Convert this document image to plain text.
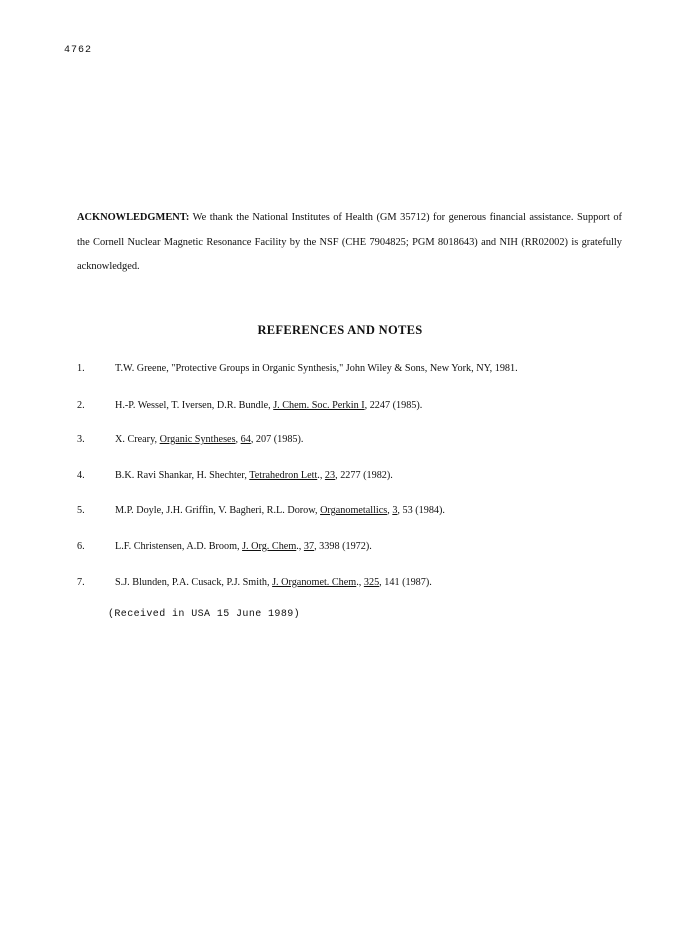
4762

ACKNOWLEDGMENT: We thank the National Institutes of Health (GM 35712) for generous financial assistance. Support of the Cornell Nuclear Magnetic Resonance Facility by the NSF (CHE 7904825; PGM 8018643) and NIH (RR02002) is gratefully acknowledged.

REFERENCES AND NOTES
1.	T.W. Greene, "Protective Groups in Organic Synthesis," John Wiley & Sons, New York, NY, 1981.
2.	H.-P. Wessel, T. Iversen, D.R. Bundle, J. Chem. Soc. Perkin I, 2247 (1985).
3.	X. Creary, Organic Syntheses, 64, 207 (1985).
4.	B.K. Ravi Shankar, H. Shechter, Tetrahedron Lett., 23, 2277 (1982).
5.	M.P. Doyle, J.H. Griffin, V. Bagheri, R.L. Dorow, Organometallics, 3, 53 (1984).
6.	L.F. Christensen, A.D. Broom, J. Org. Chem., 37, 3398 (1972).
7.	S.J. Blunden, P.A. Cusack, P.J. Smith, J. Organomet. Chem., 325, 141 (1987).
(Received in USA 15 June 1989)
